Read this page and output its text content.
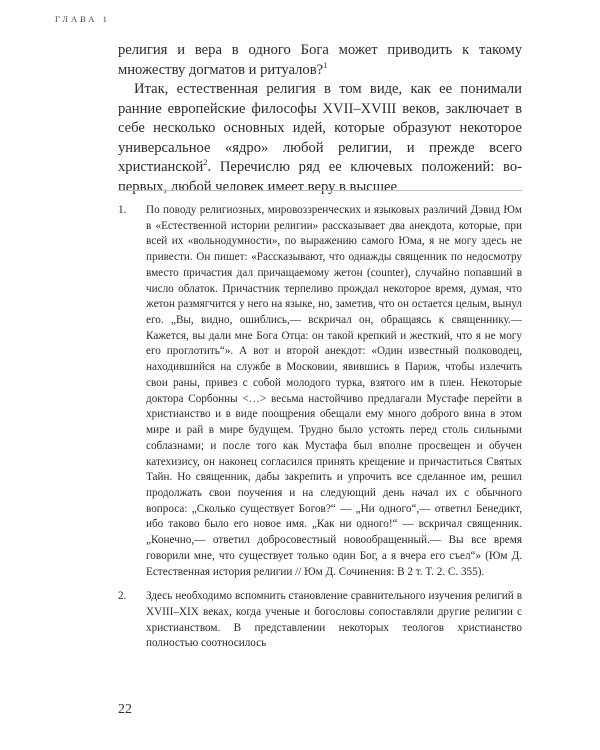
ГЛАВА 1

религия и вера в одного Бога может приводить к такому множеству догматов и ритуалов?$^1$

Итак, естественная религия в том виде, как ее понимали ранние европейские философы XVII–XVIII веков, заключает в себе несколько основных идей, которые образуют некоторое универсальное «ядро» любой религии, и прежде всего христианской$^2$. Перечислю ряд ее ключевых положений: во-первых, любой человек имеет веру в высшее

1.	По поводу религиозных, мировоззренческих и языковых различий Дэвид Юм в «Естественной истории религии» рассказывает два анекдота, которые, при всей их «вольнодумности», по выражению самого Юма, я не могу здесь не привести. Он пишет: «Рассказывают, что однажды священник по недосмотру вместо причастия дал причащаемому жетон (counter), случайно попавший в число облаток. Причастник терпеливо прождал некоторое время, думая, что жетон размягчится у него на языке, но, заметив, что он остается целым, вынул его. „Вы, видно, ошиблись,— вскричал он, обращаясь к священнику.— Кажется, вы дали мне Бога Отца: он такой крепкий и жесткий, что я не могу его проглотить“». А вот и второй анекдот: «Один известный полководец, находившийся на службе в Московии, явившись в Париж, чтобы излечить свои раны, привез с собой молодого турка, взятого им в плен. Некоторые доктора Сорбонны <…> весьма настойчиво предлагали Мустафе перейти в христианство и в виде поощрения обещали ему много доброго вина в этом мире и рай в мире будущем. Трудно было устоять перед столь сильными соблазнами; и после того как Мустафа был вполне просвещен и обучен катехизису, он наконец согласился принять крещение и причаститься Святых Тайн. Но священник, дабы закрепить и упрочить все сделанное им, решил продолжать свои поучения и на следующий день начал их с обычного вопроса: „Сколько существует Богов?“ — „Ни одного“,— ответил Бенедикт, ибо таково было его новое имя. „Как ни одного!“ — вскричал священник. „Конечно,— ответил добросовестный новообращенный.— Вы все время говорили мне, что существует только один Бог, а я вчера его съел“» (Юм Д. Естественная история религии // Юм Д. Сочинения: В 2 т. Т. 2. С. 355).
2.	Здесь необходимо вспомнить становление сравнительного изучения религий в XVIII–XIX веках, когда ученые и богословы сопоставляли другие религии с христианством. В представлении некоторых теологов христианство полностью соотносилось
22
